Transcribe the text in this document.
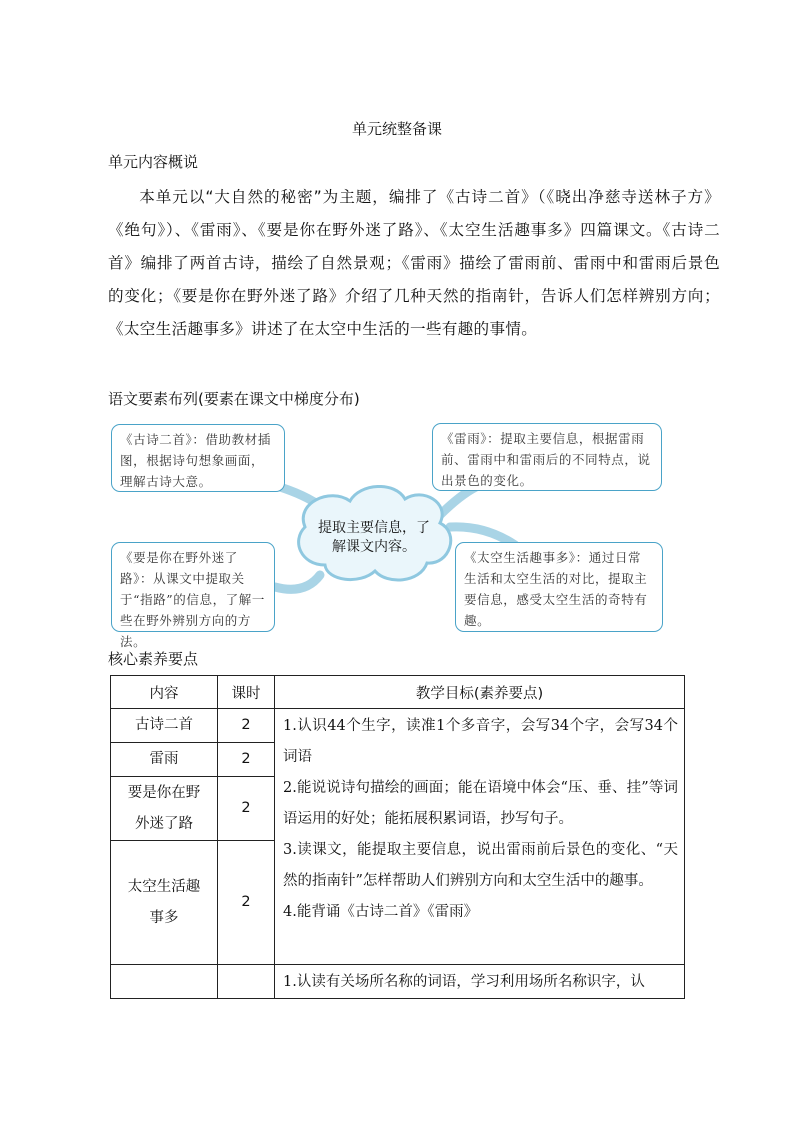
单元统整备课
单元内容概说
本单元以“大自然的秘密”为主题，编排了《古诗二首》（《晓出净慈寺送林子方》《绝句》）、《雷雨》、《要是你在野外迷了路》、《太空生活趣事多》四篇课文。《古诗二首》编排了两首古诗，描绘了自然景观；《雷雨》描绘了雷雨前、雷雨中和雷雨后景色的变化；《要是你在野外迷了路》介绍了几种天然的指南针，告诉人们怎样辨别方向；《太空生活趣事多》讲述了在太空中生活的一些有趣的事情。
语文要素布列(要素在课文中梯度分布)
《古诗二首》：借助教材插图，根据诗句想象画面，理解古诗大意。
《雷雨》：提取主要信息，根据雷雨前、雷雨中和雷雨后的不同特点，说出景色的变化。
《要是你在野外迷了路》：从课文中提取关于“指路”的信息，了解一些在野外辨别方向的方法。
《太空生活趣事多》：通过日常生活和太空生活的对比，提取主要信息，感受太空生活的奇特有趣。
提取主要信息，了解课文内容。
核心素养要点
内容	课时	教学目标(素养要点)
古诗二首	2	1.认识44个生字，读准1个多音字，会写34个字，会写34个词语

2.能说说诗句描绘的画面；能在语境中体会“压、垂、挂”等词语运用的好处；能拓展积累词语，抄写句子。

3.读课文，能提取主要信息，说出雷雨前后景色的变化、“天然的指南针”怎样帮助人们辨别方向和太空生活中的趣事。

4.能背诵《古诗二首》《雷雨》

雷雨	2	
要是你在野外迷了路	2	
太空生活趣事多	2	
		1.认读有关场所名称的词语，学习利用场所名称识字，认
